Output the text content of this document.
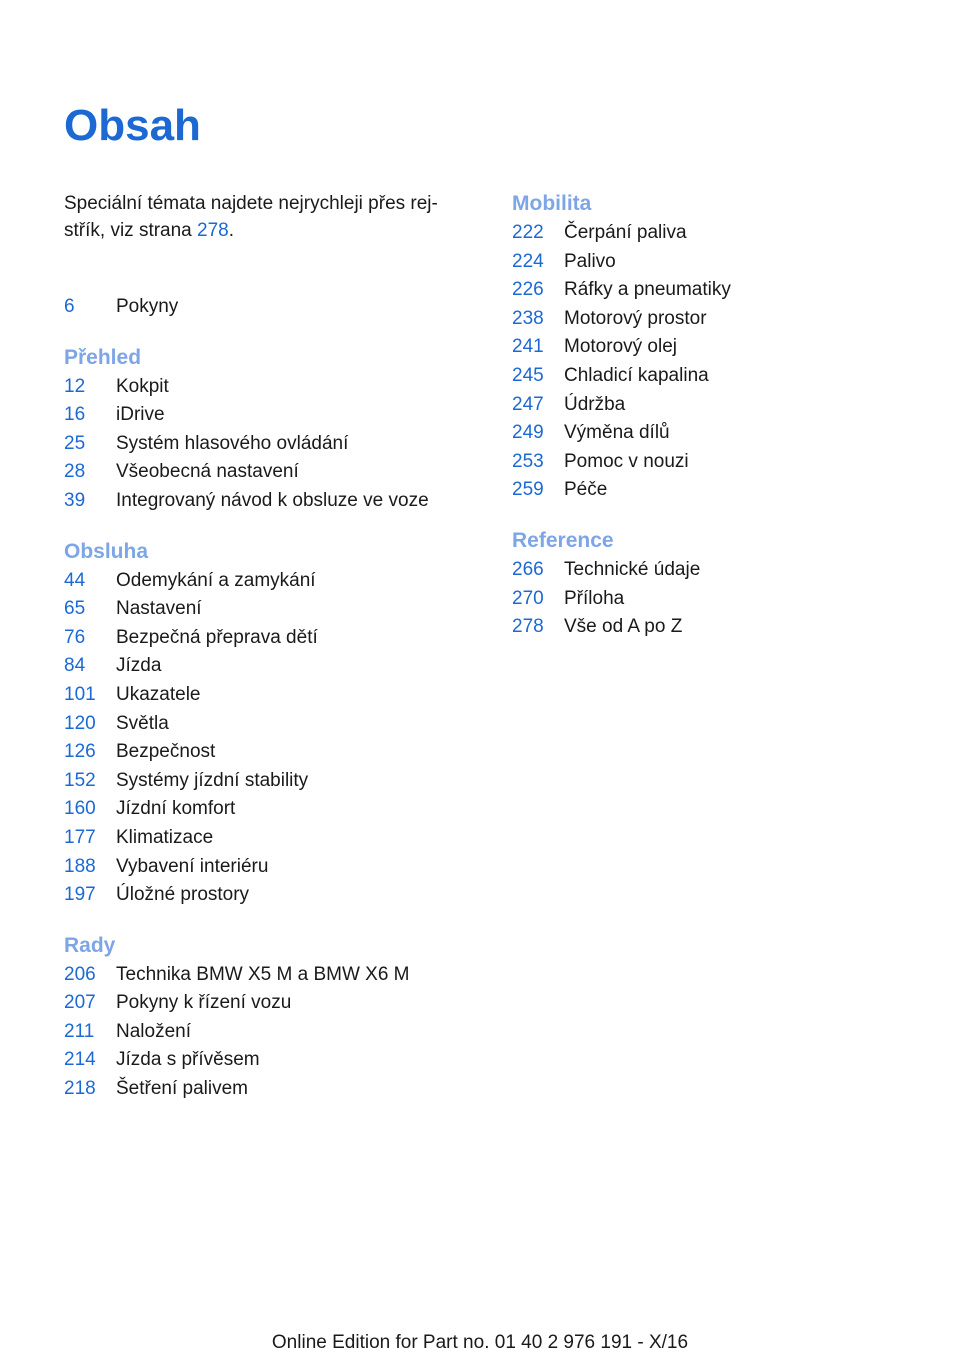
Obsah

Speciální témata najdete nejrychleji přes rej‐ střík, viz strana 278.

6	Pokyny
Přehled
12	Kokpit
16	iDrive
25	Systém hlasového ovládání
28	Všeobecná nastavení
39	Integrovaný návod k obsluze ve voze
Obsluha
44	Odemykání a zamykání
65	Nastavení
76	Bezpečná přeprava dětí
84	Jízda
101	Ukazatele
120	Světla
126	Bezpečnost
152	Systémy jízdní stability
160	Jízdní komfort
177	Klimatizace
188	Vybavení interiéru
197	Úložné prostory
Rady
206	Technika BMW X5 M a BMW X6 M
207	Pokyny k řízení vozu
211	Naložení
214	Jízda s přívěsem
218	Šetření palivem
Mobilita
222	Čerpání paliva
224	Palivo
226	Ráfky a pneumatiky
238	Motorový prostor
241	Motorový olej
245	Chladicí kapalina
247	Údržba
249	Výměna dílů
253	Pomoc v nouzi
259	Péče
Reference
266	Technické údaje
270	Příloha
278	Vše od A po Z
Online Edition for Part no. 01 40 2 976 191 - X/16
